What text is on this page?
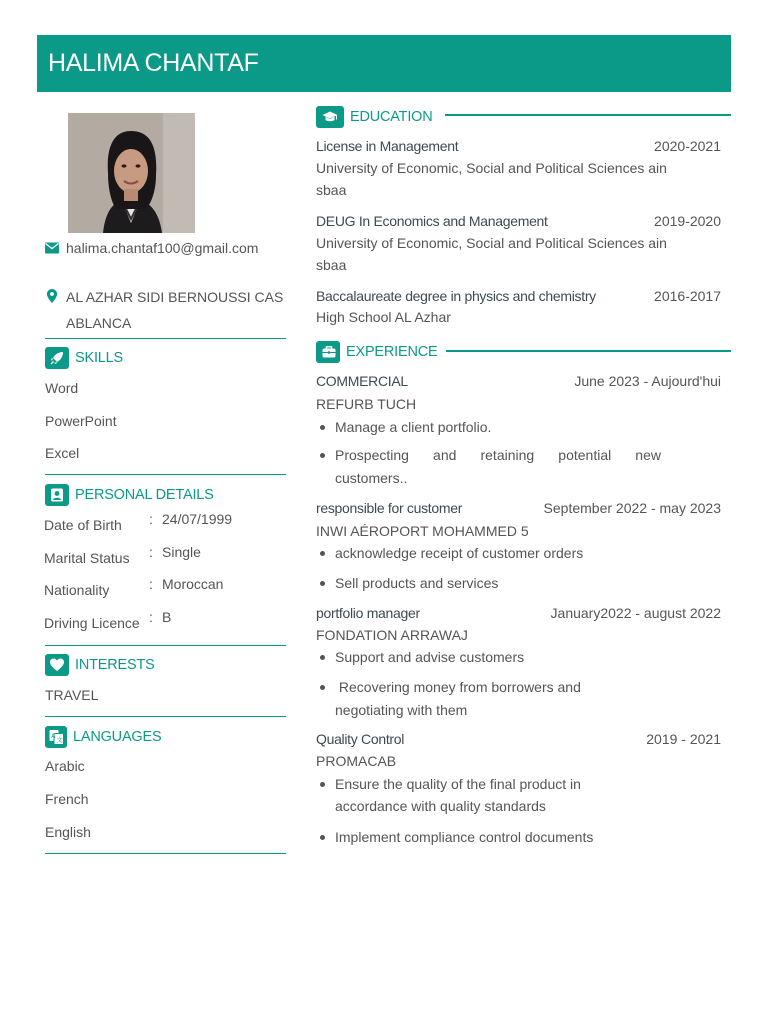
HALIMA CHANTAF
halima.chantaf100@gmail.com
AL AZHAR SIDI BERNOUSSI CAS
ABLANCA
SKILLS
Word
PowerPoint
Excel
PERSONAL DETAILS
Date of Birth : 24/07/1999
Marital Status : Single
Nationality	: Moroccan
Driving Licence : B
INTERESTS
TRAVEL
A
文 LANGUAGES
Arabic
French
English
EDUCATION
License in Management	2020-2021
University of Economic, Social and Political Sciences ain
sbaa
DEUG In Economics and Management	2019-2020
University of Economic, Social and Political Sciences ain
sbaa
Baccalaureate degree in physics and chemistry	2016-2017
High School AL Azhar
EXPERIENCE
COMMERCIAL	June 2023 - Aujourd'hui
REFURB TUCH
Manage a client portfolio.
Prospecting and retaining potential new
customers..
responsible for customer	September 2022 - may 2023
INWI AÉROPORT MOHAMMED 5
acknowledge receipt of customer orders
Sell products and services
portfolio manager	January2022 - august 2022
FONDATION ARRAWAJ
Support and advise customers
Recovering money from borrowers and
negotiating with them
Quality Control	2019 - 2021
PROMACAB
Ensure the quality of the final product in
accordance with quality standards
Implement compliance control documents
